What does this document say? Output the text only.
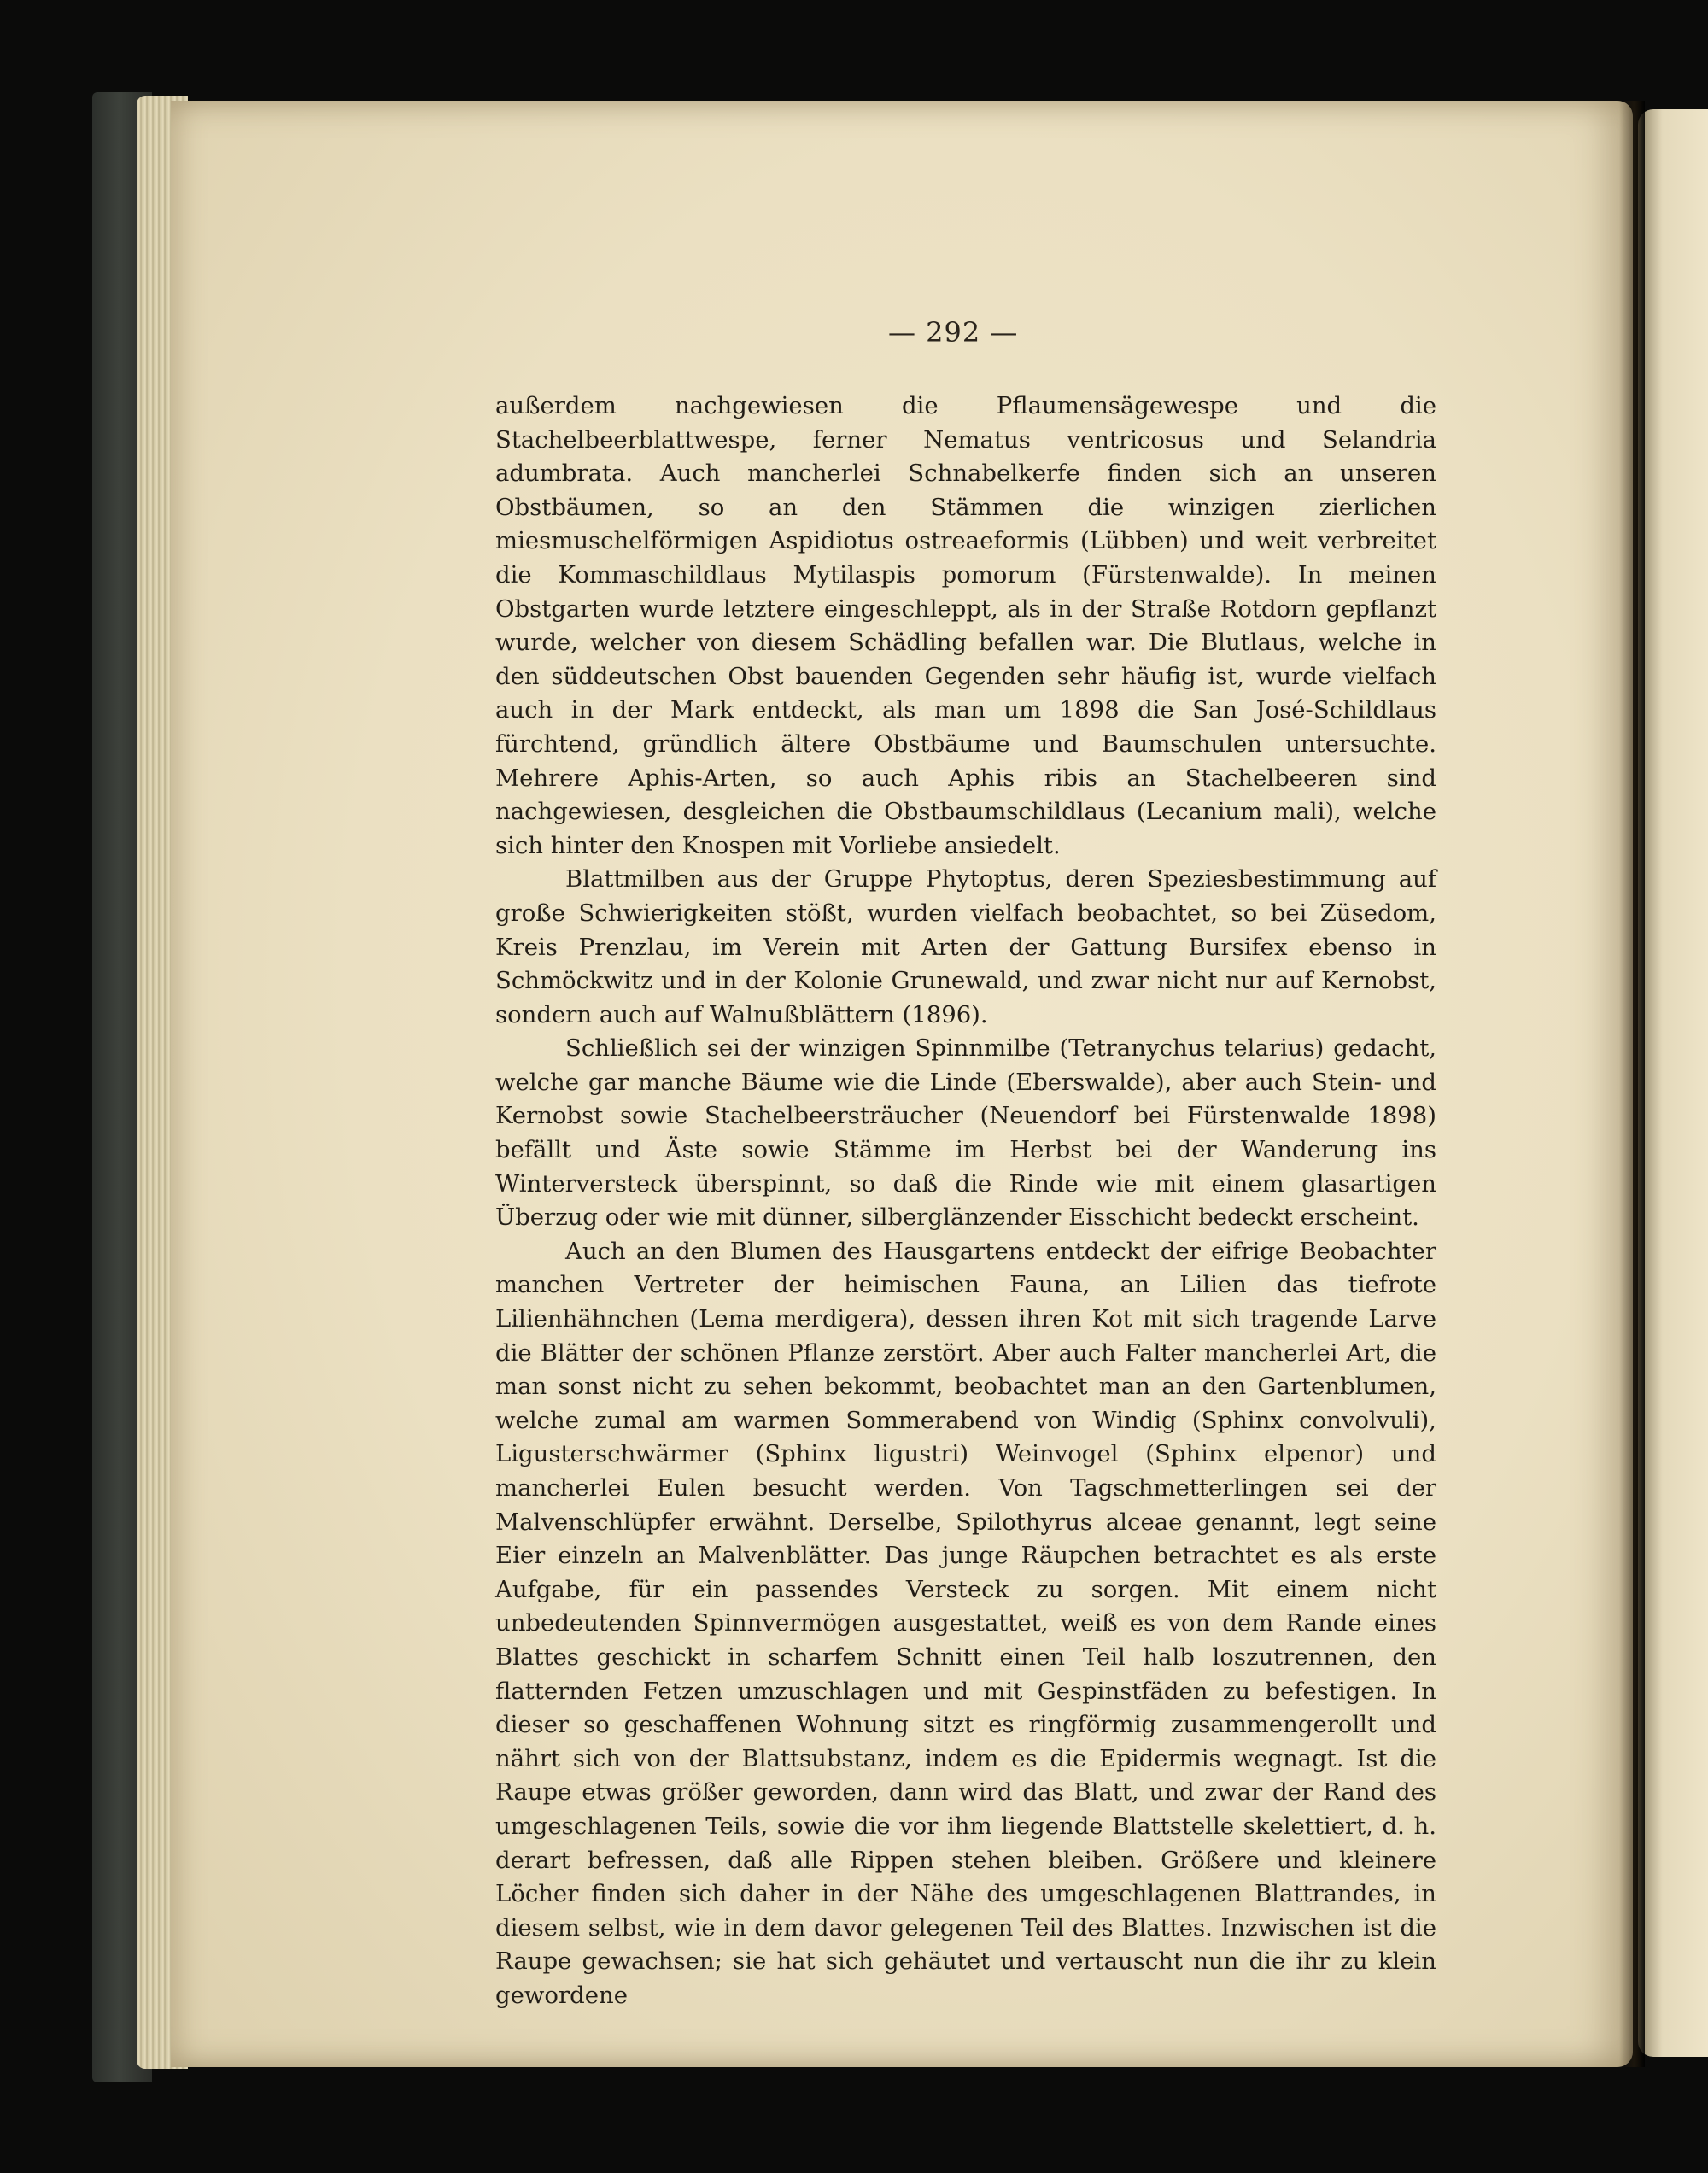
— 292 —

außerdem nachgewiesen die Pflaumensägewespe und die Stachelbeerblattwespe, ferner Nematus ventricosus und Selandria adumbrata. Auch mancherlei Schnabelkerfe finden sich an unseren Obstbäumen, so an den Stämmen die winzigen zierlichen miesmuschelförmigen Aspidiotus ostreaeformis (Lübben) und weit verbreitet die Kommaschildlaus Mytilaspis pomorum (Fürstenwalde). In meinen Obstgarten wurde letztere eingeschleppt, als in der Straße Rotdorn gepflanzt wurde, welcher von diesem Schädling befallen war. Die Blutlaus, welche in den süddeutschen Obst bauenden Gegenden sehr häufig ist, wurde vielfach auch in der Mark entdeckt, als man um 1898 die San José-Schildlaus fürchtend, gründlich ältere Obstbäume und Baumschulen untersuchte. Mehrere Aphis-Arten, so auch Aphis ribis an Stachelbeeren sind nachgewiesen, desgleichen die Obstbaumschildlaus (Lecanium mali), welche sich hinter den Knospen mit Vorliebe ansiedelt.

Blattmilben aus der Gruppe Phytoptus, deren Speziesbestimmung auf große Schwierigkeiten stößt, wurden vielfach beobachtet, so bei Züsedom, Kreis Prenzlau, im Verein mit Arten der Gattung Bursifex ebenso in Schmöckwitz und in der Kolonie Grunewald, und zwar nicht nur auf Kernobst, sondern auch auf Walnußblättern (1896).

Schließlich sei der winzigen Spinnmilbe (Tetranychus telarius) gedacht, welche gar manche Bäume wie die Linde (Eberswalde), aber auch Stein- und Kernobst sowie Stachelbeersträucher (Neuendorf bei Fürstenwalde 1898) befällt und Äste sowie Stämme im Herbst bei der Wanderung ins Winterversteck überspinnt, so daß die Rinde wie mit einem glasartigen Überzug oder wie mit dünner, silberglänzender Eisschicht bedeckt erscheint.

Auch an den Blumen des Hausgartens entdeckt der eifrige Beobachter manchen Vertreter der heimischen Fauna, an Lilien das tiefrote Lilienhähnchen (Lema merdigera), dessen ihren Kot mit sich tragende Larve die Blätter der schönen Pflanze zerstört. Aber auch Falter mancherlei Art, die man sonst nicht zu sehen bekommt, beobachtet man an den Gartenblumen, welche zumal am warmen Sommerabend von Windig (Sphinx convolvuli), Ligusterschwärmer (Sphinx ligustri) Weinvogel (Sphinx elpenor) und mancherlei Eulen besucht werden. Von Tagschmetterlingen sei der Malvenschlüpfer erwähnt. Derselbe, Spilothyrus alceae genannt, legt seine Eier einzeln an Malvenblätter. Das junge Räupchen betrachtet es als erste Aufgabe, für ein passendes Versteck zu sorgen. Mit einem nicht unbedeutenden Spinnvermögen ausgestattet, weiß es von dem Rande eines Blattes geschickt in scharfem Schnitt einen Teil halb loszutrennen, den flatternden Fetzen umzuschlagen und mit Gespinstfäden zu befestigen. In dieser so geschaffenen Wohnung sitzt es ringförmig zusammengerollt und nährt sich von der Blattsubstanz, indem es die Epidermis wegnagt. Ist die Raupe etwas größer geworden, dann wird das Blatt, und zwar der Rand des umgeschlagenen Teils, sowie die vor ihm liegende Blattstelle skelettiert, d. h. derart befressen, daß alle Rippen stehen bleiben. Größere und kleinere Löcher finden sich daher in der Nähe des umgeschlagenen Blattrandes, in diesem selbst, wie in dem davor gelegenen Teil des Blattes. Inzwischen ist die Raupe gewachsen; sie hat sich gehäutet und vertauscht nun die ihr zu klein gewordene
